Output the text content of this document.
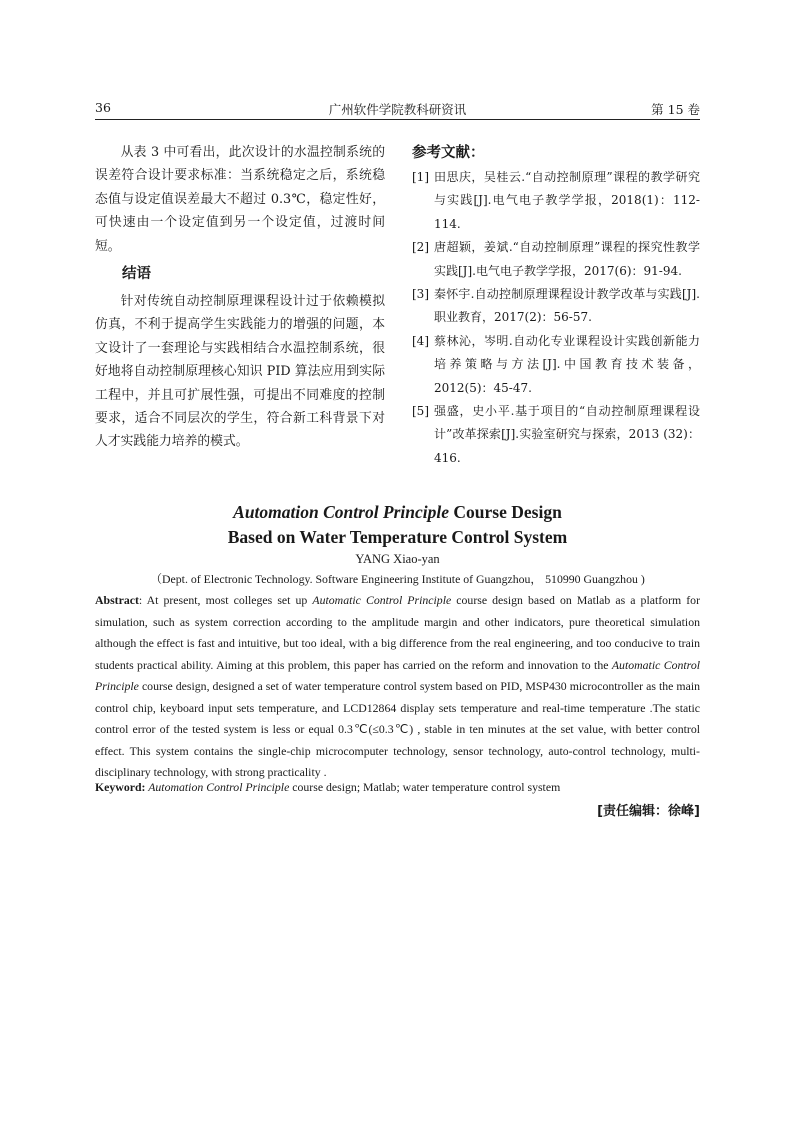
36	广州软件学院教科研资讯	第 15 卷

从表 3 中可看出，此次设计的水温控制系统的误差符合设计要求标准：当系统稳定之后，系统稳态值与设定值误差最大不超过 0.3℃，稳定性好，可快速由一个设定值到另一个设定值，过渡时间短。

结语

针对传统自动控制原理课程设计过于依赖模拟仿真，不利于提高学生实践能力的增强的问题，本文设计了一套理论与实践相结合水温控制系统，很好地将自动控制原理核心知识 PID 算法应用到实际工程中，并且可扩展性强，可提出不同难度的控制要求，适合不同层次的学生，符合新工科背景下对人才实践能力培养的模式。

参考文献：
[1] 田思庆，吴桂云.“自动控制原理”课程的教学研究与实践[J].电气电子教学学报，2018(1)：112-114.
[2] 唐超颖，姜斌.“自动控制原理”课程的探究性教学实践[J].电气电子教学学报，2017(6)：91-94.
[3] 秦怀宇.自动控制原理课程设计教学改革与实践[J].职业教育，2017(2)：56-57.
[4] 蔡林沁，岑明.自动化专业课程设计实践创新能力培养策略与方法[J].中国教育技术装备，2012(5)：45-47.
[5] 强盛，史小平.基于项目的“自动控制原理课程设计”改革探索[J].实验室研究与探索，2013 (32)：416.
Automation Control Principle Course Design
Based on Water Temperature Control System
YANG Xiao-yan
（Dept. of Electronic Technology. Software Engineering Institute of Guangzhou， 510990 Guangzhou )
Abstract: At present, most colleges set up Automatic Control Principle course design based on Matlab as a platform for simulation, such as system correction according to the amplitude margin and other indicators, pure theoretical simulation although the effect is fast and intuitive, but too ideal, with a big difference from the real engineering, and too conducive to train students practical ability. Aiming at this problem, this paper has carried on the reform and innovation to the Automatic Control Principle course design, designed a set of water temperature control system based on PID, MSP430 microcontroller as the main control chip, keyboard input sets temperature, and LCD12864 display sets temperature and real-time temperature .The static control error of the tested system is less or equal 0.3℃(≤0.3℃) , stable in ten minutes at the set value, with better control effect. This system contains the single-chip microcomputer technology, sensor technology, auto-control technology, multi-disciplinary technology, with strong practicality .
Keyword: Automation Control Principle course design; Matlab; water temperature control system
[责任编辑：徐峰]
